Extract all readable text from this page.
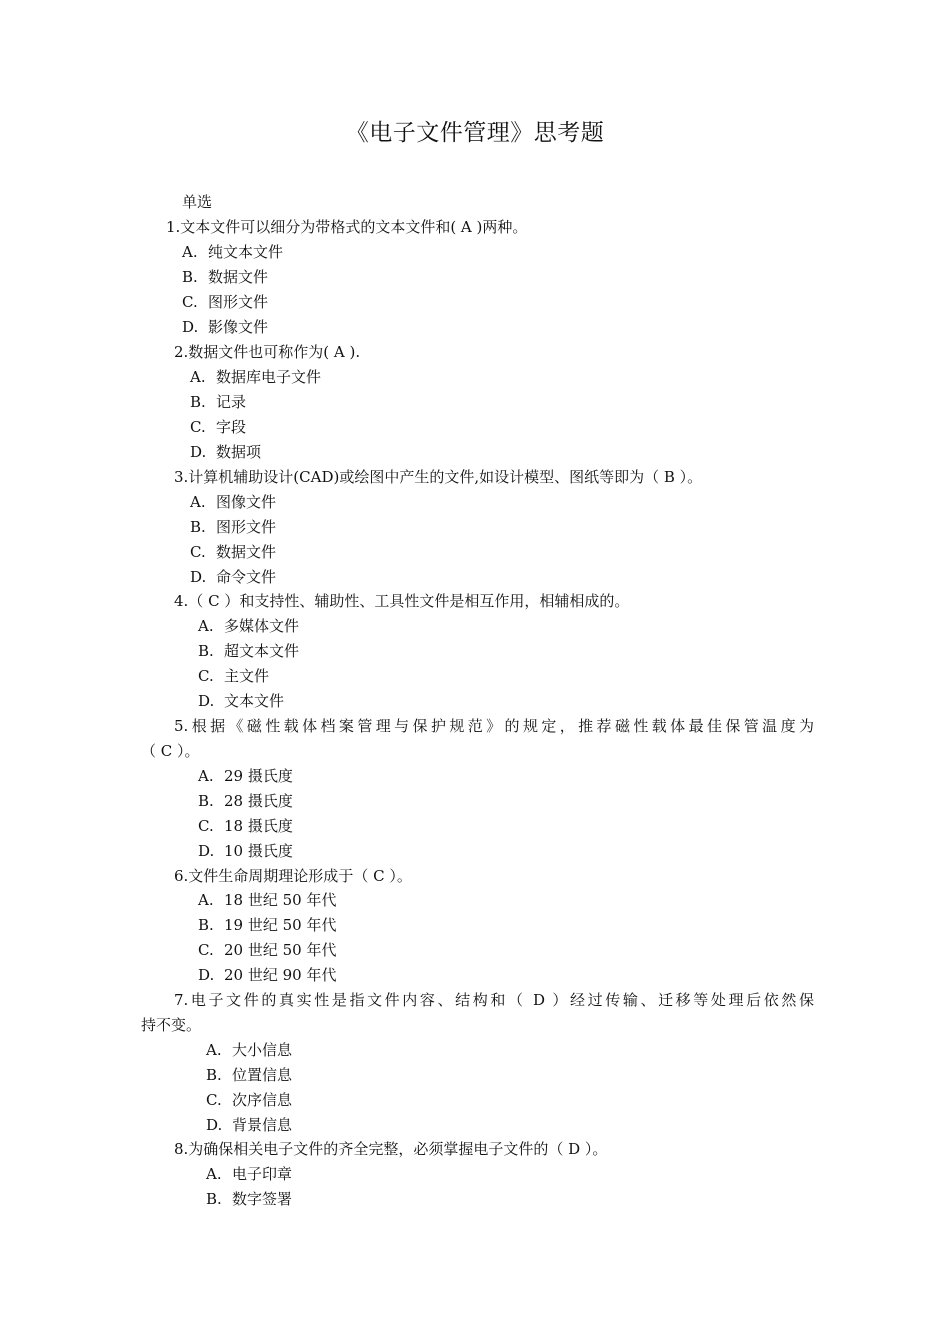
《电子文件管理》思考题
单选
1.文本文件可以细分为带格式的文本文件和( A )两种。
A. 纯文本文件
B. 数据文件
C. 图形文件
D. 影像文件
2.数据文件也可称作为( A ).
A. 数据库电子文件
B. 记录
C. 字段
D. 数据项
3.计算机辅助设计(CAD)或绘图中产生的文件,如设计模型、图纸等即为（ B ）。
A. 图像文件
B. 图形文件
C. 数据文件
D. 命令文件
4.（ C ）和支持性、辅助性、工具性文件是相互作用，相辅相成的。
A. 多媒体文件
B. 超文本文件
C. 主文件
D. 文本文件
5.根据《磁性载体档案管理与保护规范》的规定，推荐磁性载体最佳保管温度为
（ C ）。
A. 29 摄氏度
B. 28 摄氏度
C. 18 摄氏度
D. 10 摄氏度
6.文件生命周期理论形成于（ C ）。
A. 18 世纪 50 年代
B. 19 世纪 50 年代
C. 20 世纪 50 年代
D. 20 世纪 90 年代
7.电子文件的真实性是指文件内容、结构和（ D ）经过传输、迁移等处理后依然保
持不变。
A. 大小信息
B. 位置信息
C. 次序信息
D. 背景信息
8.为确保相关电子文件的齐全完整，必须掌握电子文件的（ D ）。
A. 电子印章
B. 数字签署
